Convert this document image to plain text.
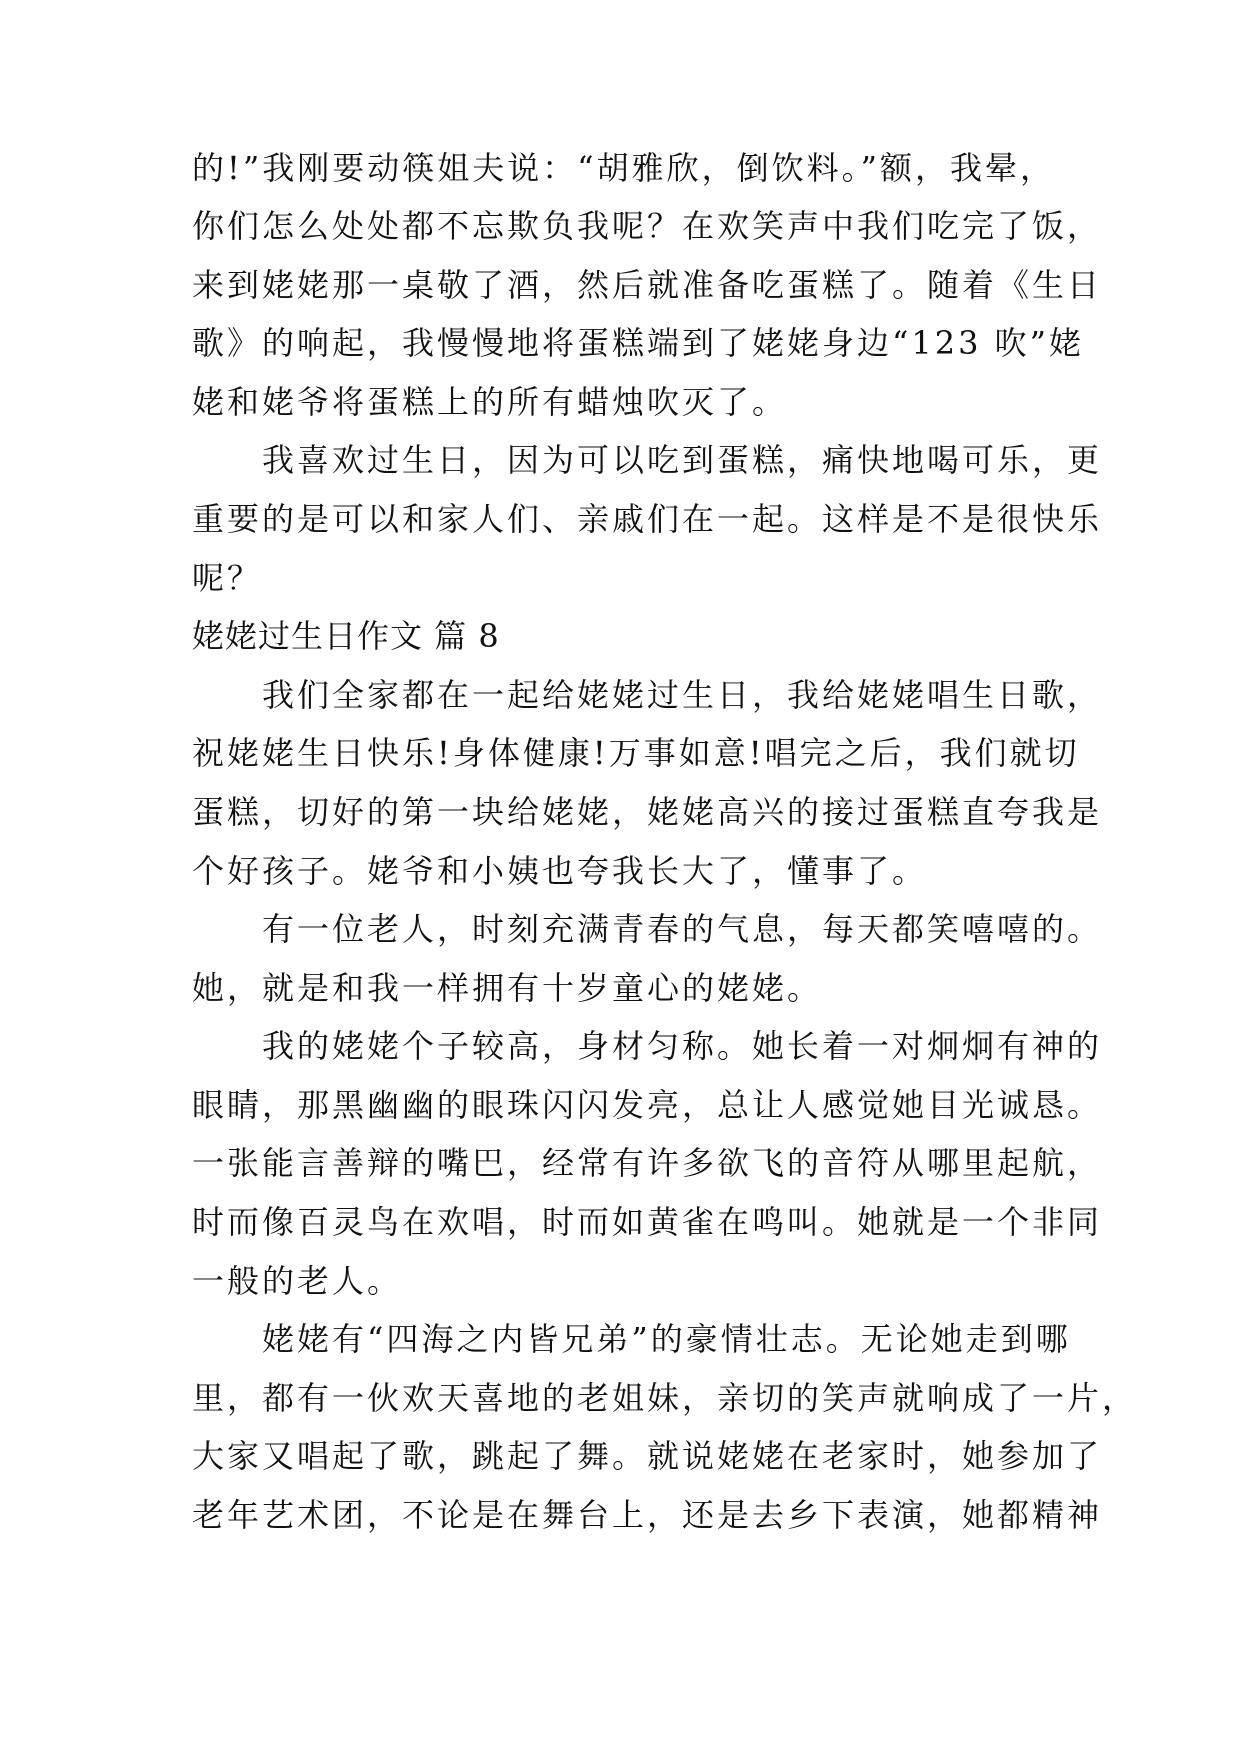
的!”我刚要动筷姐夫说：“胡雅欣，倒饮料。”额，我晕，
你们怎么处处都不忘欺负我呢？在欢笑声中我们吃完了饭，
来到姥姥那一桌敬了酒，然后就准备吃蛋糕了。随着《生日
歌》的响起，我慢慢地将蛋糕端到了姥姥身边“123 吹”姥
姥和姥爷将蛋糕上的所有蜡烛吹灭了。
　　我喜欢过生日，因为可以吃到蛋糕，痛快地喝可乐，更
重要的是可以和家人们、亲戚们在一起。这样是不是很快乐
呢？
姥姥过生日作文 篇 8
　　我们全家都在一起给姥姥过生日，我给姥姥唱生日歌，
祝姥姥生日快乐!身体健康!万事如意!唱完之后，我们就切
蛋糕，切好的第一块给姥姥，姥姥高兴的接过蛋糕直夸我是
个好孩子。姥爷和小姨也夸我长大了，懂事了。
　　有一位老人，时刻充满青春的气息，每天都笑嘻嘻的。
她，就是和我一样拥有十岁童心的姥姥。
　　我的姥姥个子较高，身材匀称。她长着一对炯炯有神的
眼睛，那黑幽幽的眼珠闪闪发亮，总让人感觉她目光诚恳。
一张能言善辩的嘴巴，经常有许多欲飞的音符从哪里起航，
时而像百灵鸟在欢唱，时而如黄雀在鸣叫。她就是一个非同
一般的老人。
　　姥姥有“四海之内皆兄弟”的豪情壮志。无论她走到哪
里，都有一伙欢天喜地的老姐妹，亲切的笑声就响成了一片，
大家又唱起了歌，跳起了舞。就说姥姥在老家时，她参加了
老年艺术团，不论是在舞台上，还是去乡下表演，她都精神
